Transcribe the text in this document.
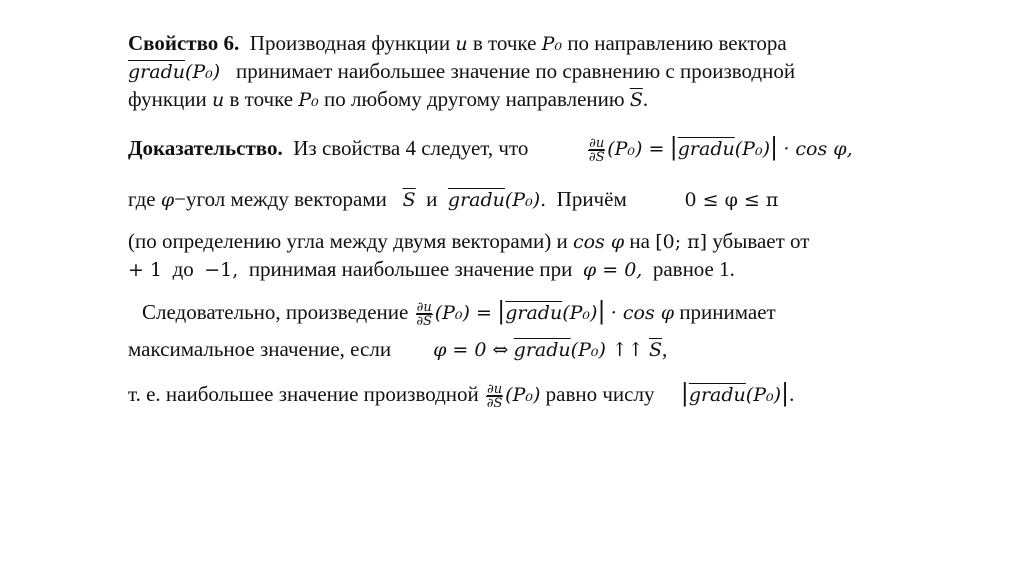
Свойство 6. Производная функции u в точке P₀ по направлению вектора
gradu(P₀) принимает наибольшее значение по сравнению с производной
функции u в точке P₀ по любому другому направлению $\overline{S}$.
Доказательство. Из свойства 4 следует, что	$\frac{\partial u}{\partial S} (P_0)$ = |gradu(P₀)| · cos φ,
где φ−угол между векторами $\overline{S}$ и gradu(P₀). Причём	0 ≤ φ ≤ π
(по определению угла между двумя векторами) и cos φ на [0; π] убывает от
+ 1 до −1, принимая наибольшее значение при φ = 0, равное 1.
Следовательно, произведение $\frac{\partial u}{\partial S} (P_0)$ = |gradu(P₀)| · cos φ принимает
максимальное значение, если φ = 0 ⇔ gradu(P₀) ↑↑ $\overline{S}$,
т. е. наибольшее значение производной $\frac{\partial u}{\partial S} (P_0)$ равно числу |gradu(P₀)|.
